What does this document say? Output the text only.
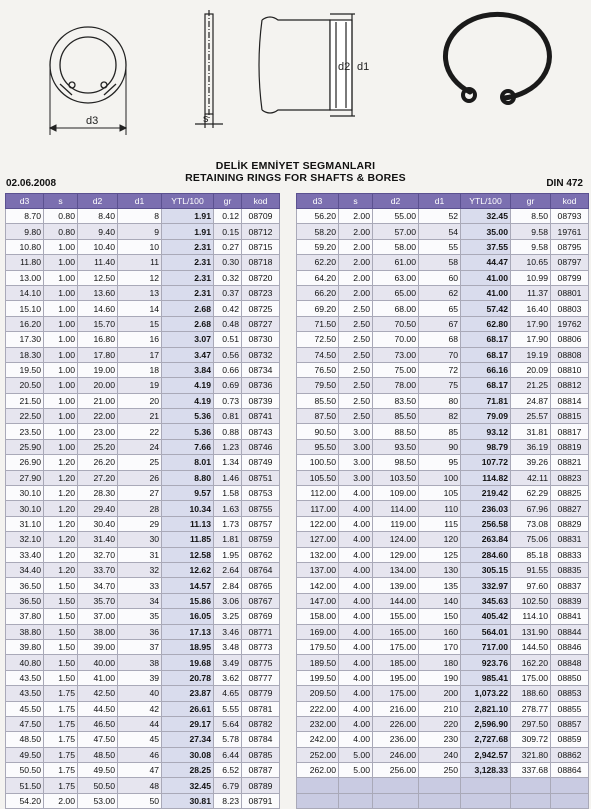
d3	s
d2 d1
DELİK EMNİYET SEGMANLARI
RETAINING RINGS FOR SHAFTS & BORES
02.06.2008	DIN 472
d3	s	d2	d1	YTL/100	gr	kod
8.70	0.80	8.40	8	1.91	0.12	08709
9.80	0.80	9.40	9	1.91	0.15	08712
10.80	1.00	10.40	10	2.31	0.27	08715
11.80	1.00	11.40	11	2.31	0.30	08718
13.00	1.00	12.50	12	2.31	0.32	08720
14.10	1.00	13.60	13	2.31	0.37	08723
15.10	1.00	14.60	14	2.68	0.42	08725
16.20	1.00	15.70	15	2.68	0.48	08727
17.30	1.00	16.80	16	3.07	0.51	08730
18.30	1.00	17.80	17	3.47	0.56	08732
19.50	1.00	19.00	18	3.84	0.66	08734
20.50	1.00	20.00	19	4.19	0.69	08736
21.50	1.00	21.00	20	4.19	0.73	08739
22.50	1.00	22.00	21	5.36	0.81	08741
23.50	1.00	23.00	22	5.36	0.88	08743
25.90	1.00	25.20	24	7.66	1.23	08746
26.90	1.20	26.20	25	8.01	1.34	08749
27.90	1.20	27.20	26	8.80	1.46	08751
30.10	1.20	28.30	27	9.57	1.58	08753
30.10	1.20	29.40	28	10.34	1.63	08755
31.10	1.20	30.40	29	11.13	1.73	08757
32.10	1.20	31.40	30	11.85	1.81	08759
33.40	1.20	32.70	31	12.58	1.95	08762
34.40	1.20	33.70	32	12.62	2.64	08764
36.50	1.50	34.70	33	14.57	2.84	08765
36.50	1.50	35.70	34	15.86	3.06	08767
37.80	1.50	37.00	35	16.05	3.25	08769
38.80	1.50	38.00	36	17.13	3.46	08771
39.80	1.50	39.00	37	18.95	3.48	08773
40.80	1.50	40.00	38	19.68	3.49	08775
43.50	1.50	41.00	39	20.78	3.62	08777
43.50	1.75	42.50	40	23.87	4.65	08779
45.50	1.75	44.50	42	26.61	5.55	08781
47.50	1.75	46.50	44	29.17	5.64	08782
48.50	1.75	47.50	45	27.34	5.78	08784
49.50	1.75	48.50	46	30.08	6.44	08785
50.50	1.75	49.50	47	28.25	6.52	08787
51.50	1.75	50.50	48	32.45	6.79	08789
54.20	2.00	53.00	50	30.81	8.23	08791
d3	s	d2	d1	YTL/100	gr	kod
56.20	2.00	55.00	52	32.45	8.50	08793
58.20	2.00	57.00	54	35.00	9.58	19761
59.20	2.00	58.00	55	37.55	9.58	08795
62.20	2.00	61.00	58	44.47	10.65	08797
64.20	2.00	63.00	60	41.00	10.99	08799
66.20	2.00	65.00	62	41.00	11.37	08801
69.20	2.50	68.00	65	57.42	16.40	08803
71.50	2.50	70.50	67	62.80	17.90	19762
72.50	2.50	70.00	68	68.17	17.90	08806
74.50	2.50	73.00	70	68.17	19.19	08808
76.50	2.50	75.00	72	66.16	20.09	08810
79.50	2.50	78.00	75	68.17	21.25	08812
85.50	2.50	83.50	80	71.81	24.87	08814
87.50	2.50	85.50	82	79.09	25.57	08815
90.50	3.00	88.50	85	93.12	31.81	08817
95.50	3.00	93.50	90	98.79	36.19	08819
100.50	3.00	98.50	95	107.72	39.26	08821
105.50	3.00	103.50	100	114.82	42.11	08823
112.00	4.00	109.00	105	219.42	62.29	08825
117.00	4.00	114.00	110	236.03	67.96	08827
122.00	4.00	119.00	115	256.58	73.08	08829
127.00	4.00	124.00	120	263.84	75.06	08831
132.00	4.00	129.00	125	284.60	85.18	08833
137.00	4.00	134.00	130	305.15	91.55	08835
142.00	4.00	139.00	135	332.97	97.60	08837
147.00	4.00	144.00	140	345.63	102.50	08839
158.00	4.00	155.00	150	405.42	114.10	08841
169.00	4.00	165.00	160	564.01	131.90	08844
179.50	4.00	175.00	170	717.00	144.50	08846
189.50	4.00	185.00	180	923.76	162.20	08848
199.50	4.00	195.00	190	985.41	175.00	08850
209.50	4.00	175.00	200	1,073.22	188.60	08853
222.00	4.00	216.00	210	2,821.10	278.77	08855
232.00	4.00	226.00	220	2,596.90	297.50	08857
242.00	4.00	236.00	230	2,727.68	309.72	08859
252.00	5.00	246.00	240	2,942.57	321.80	08862
262.00	5.00	256.00	250	3,128.33	337.68	08864
